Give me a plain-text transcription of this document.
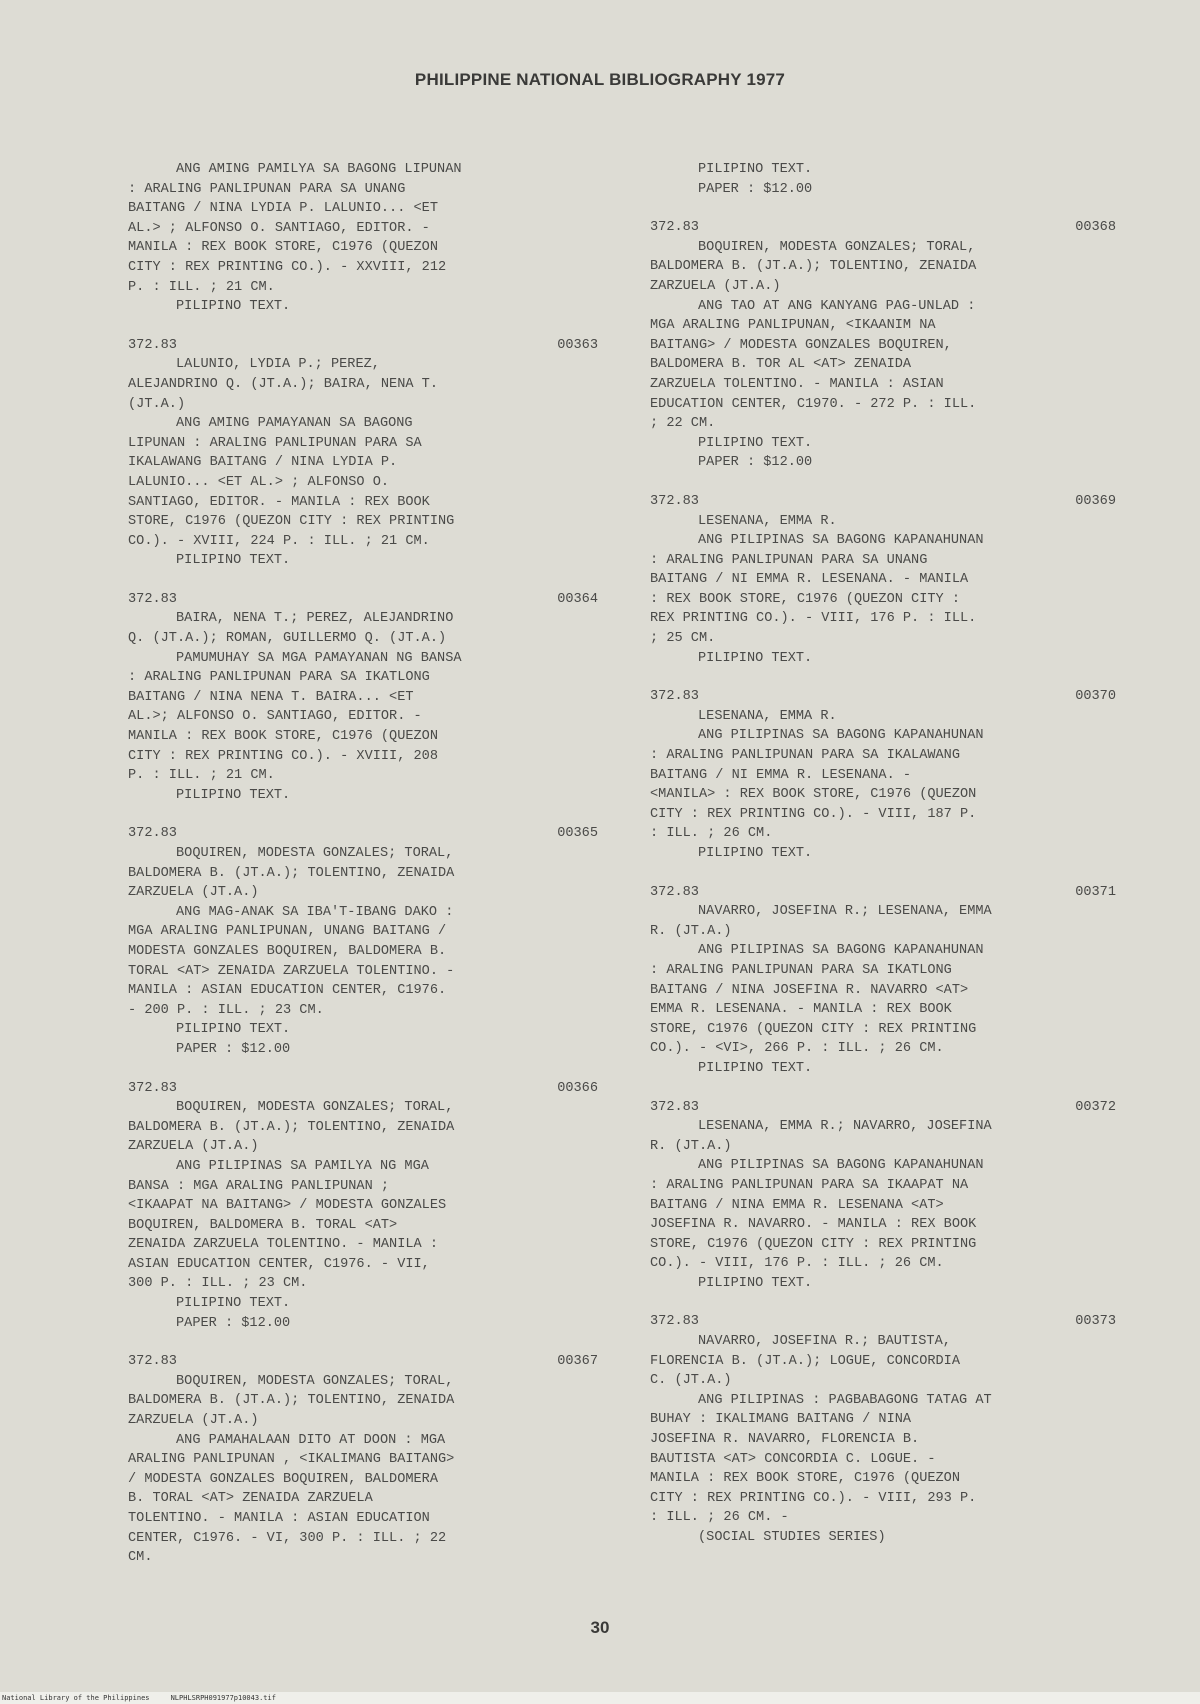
PHILIPPINE NATIONAL BIBLIOGRAPHY 1977
ANG AMING PAMILYA SA BAGONG LIPUNAN
: ARALING PANLIPUNAN PARA SA UNANG
BAITANG / NINA LYDIA P. LALUNIO... <ET
AL.> ; ALFONSO O. SANTIAGO, EDITOR. -
MANILA : REX BOOK STORE, C1976 (QUEZON
CITY : REX PRINTING CO.). - XXVIII, 212
P. : ILL. ; 21 CM.
PILIPINO TEXT.
372.83	00363
LALUNIO, LYDIA P.; PEREZ,
ALEJANDRINO Q. (JT.A.); BAIRA, NENA T.
(JT.A.)
ANG AMING PAMAYANAN SA BAGONG
LIPUNAN : ARALING PANLIPUNAN PARA SA
IKALAWANG BAITANG / NINA LYDIA P.
LALUNIO... <ET AL.> ; ALFONSO O.
SANTIAGO, EDITOR. - MANILA : REX BOOK
STORE, C1976 (QUEZON CITY : REX PRINTING
CO.). - XVIII, 224 P. : ILL. ; 21 CM.
PILIPINO TEXT.
372.83	00364
BAIRA, NENA T.; PEREZ, ALEJANDRINO
Q. (JT.A.); ROMAN, GUILLERMO Q. (JT.A.)
PAMUMUHAY SA MGA PAMAYANAN NG BANSA
: ARALING PANLIPUNAN PARA SA IKATLONG
BAITANG / NINA NENA T. BAIRA... <ET
AL.>; ALFONSO O. SANTIAGO, EDITOR. -
MANILA : REX BOOK STORE, C1976 (QUEZON
CITY : REX PRINTING CO.). - XVIII, 208
P. : ILL. ; 21 CM.
PILIPINO TEXT.
372.83	00365
BOQUIREN, MODESTA GONZALES; TORAL,
BALDOMERA B. (JT.A.); TOLENTINO, ZENAIDA
ZARZUELA (JT.A.)
ANG MAG-ANAK SA IBA'T-IBANG DAKO :
MGA ARALING PANLIPUNAN, UNANG BAITANG /
MODESTA GONZALES BOQUIREN, BALDOMERA B.
TORAL <AT> ZENAIDA ZARZUELA TOLENTINO. -
MANILA : ASIAN EDUCATION CENTER, C1976.
- 200 P. : ILL. ; 23 CM.
PILIPINO TEXT.
PAPER : $12.00
372.83	00366
BOQUIREN, MODESTA GONZALES; TORAL,
BALDOMERA B. (JT.A.); TOLENTINO, ZENAIDA
ZARZUELA (JT.A.)
ANG PILIPINAS SA PAMILYA NG MGA
BANSA : MGA ARALING PANLIPUNAN ;
<IKAAPAT NA BAITANG> / MODESTA GONZALES
BOQUIREN, BALDOMERA B. TORAL <AT>
ZENAIDA ZARZUELA TOLENTINO. - MANILA :
ASIAN EDUCATION CENTER, C1976. - VII,
300 P. : ILL. ; 23 CM.
PILIPINO TEXT.
PAPER : $12.00
372.83	00367
BOQUIREN, MODESTA GONZALES; TORAL,
BALDOMERA B. (JT.A.); TOLENTINO, ZENAIDA
ZARZUELA (JT.A.)
ANG PAMAHALAAN DITO AT DOON : MGA
ARALING PANLIPUNAN , <IKALIMANG BAITANG>
/ MODESTA GONZALES BOQUIREN, BALDOMERA
B. TORAL <AT> ZENAIDA ZARZUELA
TOLENTINO. - MANILA : ASIAN EDUCATION
CENTER, C1976. - VI, 300 P. : ILL. ; 22
CM.
PILIPINO TEXT.
PAPER : $12.00
372.83	00368
BOQUIREN, MODESTA GONZALES; TORAL,
BALDOMERA B. (JT.A.); TOLENTINO, ZENAIDA
ZARZUELA (JT.A.)
ANG TAO AT ANG KANYANG PAG-UNLAD :
MGA ARALING PANLIPUNAN, <IKAANIM NA
BAITANG> / MODESTA GONZALES BOQUIREN,
BALDOMERA B. TOR AL <AT> ZENAIDA
ZARZUELA TOLENTINO. - MANILA : ASIAN
EDUCATION CENTER, C1970. - 272 P. : ILL.
; 22 CM.
PILIPINO TEXT.
PAPER : $12.00
372.83	00369
LESENANA, EMMA R.
ANG PILIPINAS SA BAGONG KAPANAHUNAN
: ARALING PANLIPUNAN PARA SA UNANG
BAITANG / NI EMMA R. LESENANA. - MANILA
: REX BOOK STORE, C1976 (QUEZON CITY :
REX PRINTING CO.). - VIII, 176 P. : ILL.
; 25 CM.
PILIPINO TEXT.
372.83	00370
LESENANA, EMMA R.
ANG PILIPINAS SA BAGONG KAPANAHUNAN
: ARALING PANLIPUNAN PARA SA IKALAWANG
BAITANG / NI EMMA R. LESENANA. -
<MANILA> : REX BOOK STORE, C1976 (QUEZON
CITY : REX PRINTING CO.). - VIII, 187 P.
: ILL. ; 26 CM.
PILIPINO TEXT.
372.83	00371
NAVARRO, JOSEFINA R.; LESENANA, EMMA
R. (JT.A.)
ANG PILIPINAS SA BAGONG KAPANAHUNAN
: ARALING PANLIPUNAN PARA SA IKATLONG
BAITANG / NINA JOSEFINA R. NAVARRO <AT>
EMMA R. LESENANA. - MANILA : REX BOOK
STORE, C1976 (QUEZON CITY : REX PRINTING
CO.). - <VI>, 266 P. : ILL. ; 26 CM.
PILIPINO TEXT.
372.83	00372
LESENANA, EMMA R.; NAVARRO, JOSEFINA
R. (JT.A.)
ANG PILIPINAS SA BAGONG KAPANAHUNAN
: ARALING PANLIPUNAN PARA SA IKAAPAT NA
BAITANG / NINA EMMA R. LESENANA <AT>
JOSEFINA R. NAVARRO. - MANILA : REX BOOK
STORE, C1976 (QUEZON CITY : REX PRINTING
CO.). - VIII, 176 P. : ILL. ; 26 CM.
PILIPINO TEXT.
372.83	00373
NAVARRO, JOSEFINA R.; BAUTISTA,
FLORENCIA B. (JT.A.); LOGUE, CONCORDIA
C. (JT.A.)
ANG PILIPINAS : PAGBABAGONG TATAG AT
BUHAY : IKALIMANG BAITANG / NINA
JOSEFINA R. NAVARRO, FLORENCIA B.
BAUTISTA <AT> CONCORDIA C. LOGUE. -
MANILA : REX BOOK STORE, C1976 (QUEZON
CITY : REX PRINTING CO.). - VIII, 293 P.
: ILL. ; 26 CM. -
(SOCIAL STUDIES SERIES)
30
National Library of the Philippines     NLPHLSRPH091977p10043.tif
